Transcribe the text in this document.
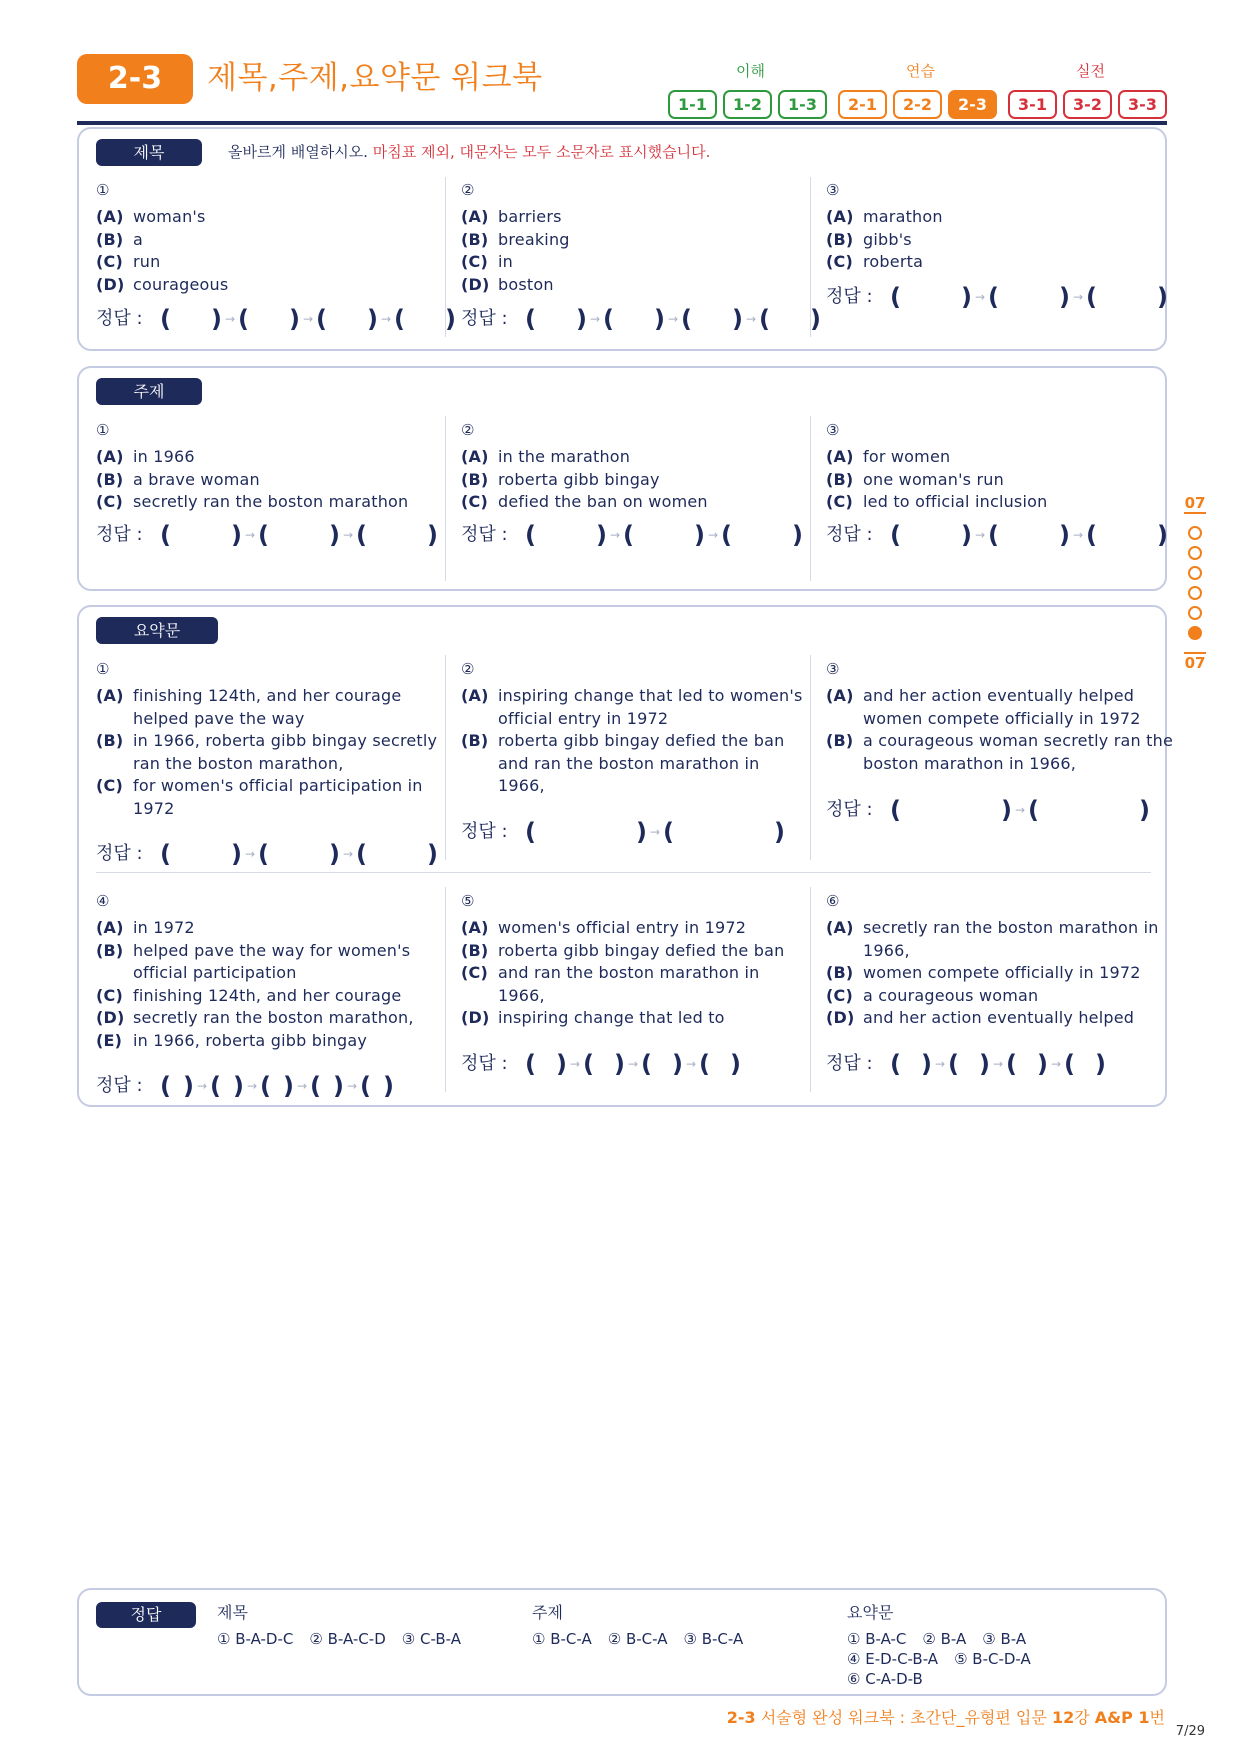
2-3	제목,주제,요약문 워크북	이해
1-1	1-2	1-3
연습
2-1	2-2	2-3
실전
3-1	3-2	3-3
제목	올바르게 배열하시오. 마침표 제외, 대문자는 모두 소문자로 표시했습니다.
①
(A) woman's
(B) a
(C) run
(D) courageous
정답 : ( ) → ( ) → ( ) → ( )
②
(A) barriers
(B) breaking
(C) in
(D) boston
정답 : ( ) → ( ) → ( ) → ( )
③
(A) marathon
(B) gibb's
(C) roberta
정답 : (	) → (	) → (	)
주제
①
(A) in 1966
(B) a brave woman
(C) secretly ran the boston marathon
정답 : (	) → (	) → (	)
②
(A) in the marathon
(B) roberta gibb bingay
(C) defied the ban on women
정답 : (	) → (	) → (	)
③
(A) for women
(B) one woman's run
(C) led to official inclusion
정답 : (	) → (	) → (	)
요약문
①
(A) finishing 124th, and her courage helped pave the way
(B) in 1966, roberta gibb bingay secretly ran the boston marathon,
(C) for women's official participation in 1972
정답 : (	) → (	) → (	)
②
(A) inspiring change that led to women's official entry in 1972
(B) roberta gibb bingay defied the ban and ran the boston marathon in 1966,
정답 : (	) → (	)
③
(A) and her action eventually helped women compete officially in 1972
(B) a courageous woman secretly ran the boston marathon in 1966,
정답 : (	) → (	)
④
(A) in 1972
(B) helped pave the way for women's official participation
(C) finishing 124th, and her courage
(D) secretly ran the boston marathon,
(E) in 1966, roberta gibb bingay
정답 : ( ) → ( ) → ( ) → ( ) → ( )
⑤
(A) women's official entry in 1972
(B) roberta gibb bingay defied the ban
(C) and ran the boston marathon in 1966,
(D) inspiring change that led to
정답 : ( ) → ( ) → ( ) → ( )
⑥
(A) secretly ran the boston marathon in 1966,
(B) women compete officially in 1972
(C) a courageous woman
(D) and her action eventually helped
정답 : ( ) → ( ) → ( ) → ( )
07
07
정답	제목
① B-A-D-C ② B-A-C-D ③ C-B-A
주제
① B-C-A ② B-C-A ③ B-C-A
요약문
① B-A-C ② B-A ③ B-A
④ E-D-C-B-A ⑤ B-C-D-A
⑥ C-A-D-B
2-3 서술형 완성 워크북 : 초간단_유형편 입문 12강 A&P 1번
7/29
